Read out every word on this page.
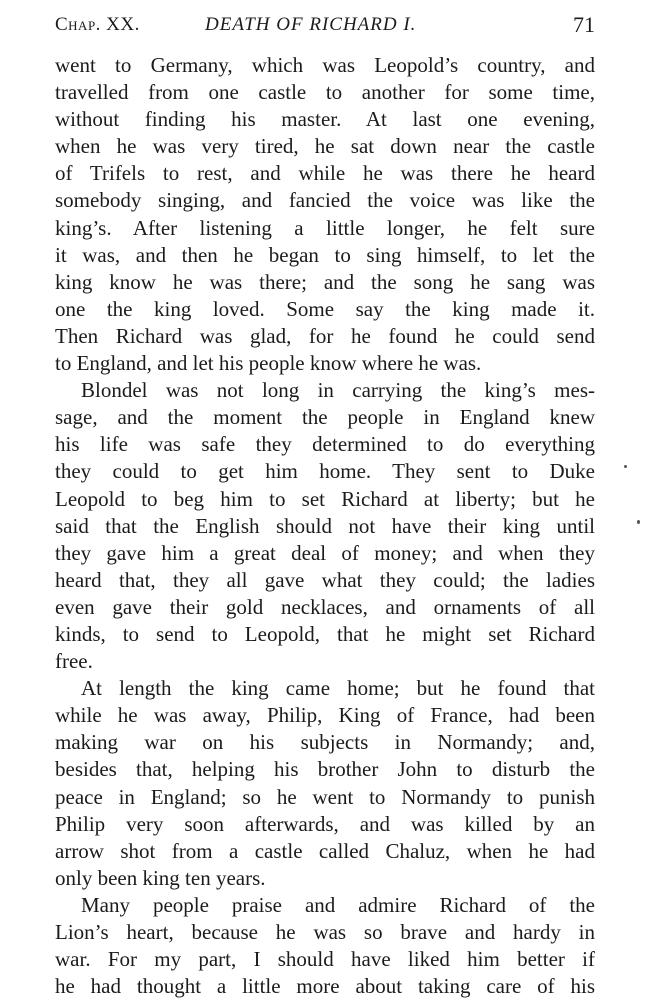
Chap. XX.	DEATH OF RICHARD I.	71
went to Germany, which was Leopold’s country, and
travelled from one castle to another for some time,
without finding his master. At last one evening,
when he was very tired, he sat down near the castle
of Trifels to rest, and while he was there he heard
somebody singing, and fancied the voice was like the
king’s. After listening a little longer, he felt sure
it was, and then he began to sing himself, to let the
king know he was there; and the song he sang was
one the king loved. Some say the king made it.
Then Richard was glad, for he found he could send
to England, and let his people know where he was.
Blondel was not long in carrying the king’s mes-
sage, and the moment the people in England knew
his life was safe they determined to do everything
they could to get him home. They sent to Duke
Leopold to beg him to set Richard at liberty; but he
said that the English should not have their king until
they gave him a great deal of money; and when they
heard that, they all gave what they could; the ladies
even gave their gold necklaces, and ornaments of all
kinds, to send to Leopold, that he might set Richard
free.
At length the king came home; but he found that
while he was away, Philip, King of France, had been
making war on his subjects in Normandy; and,
besides that, helping his brother John to disturb the
peace in England; so he went to Normandy to punish
Philip very soon afterwards, and was killed by an
arrow shot from a castle called Chaluz, when he had
only been king ten years.
Many people praise and admire Richard of the
Lion’s heart, because he was so brave and hardy in
war. For my part, I should have liked him better if
he had thought a little more about taking care of his
